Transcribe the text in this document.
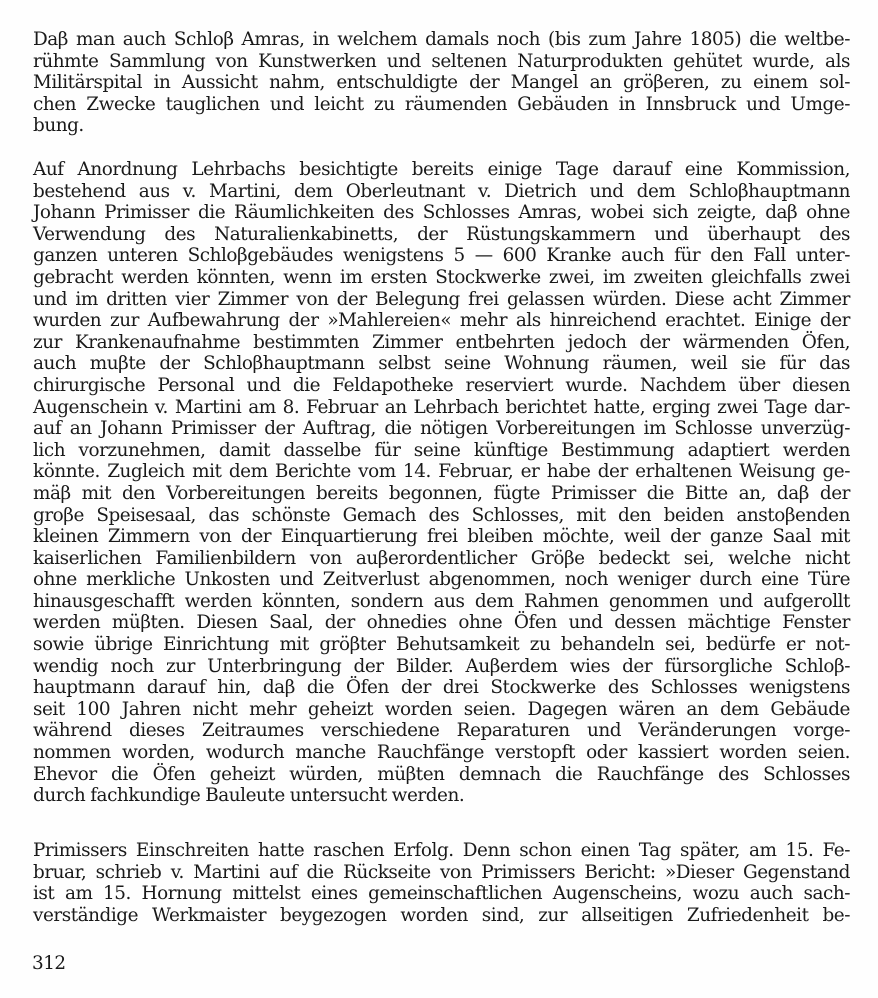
Daβ man auch Schloβ Amras, in welchem damals noch (bis zum Jahre 1805) die weltbe-
rühmte Sammlung von Kunstwerken und seltenen Naturprodukten gehütet wurde, als
Militärspital in Aussicht nahm, entschuldigte der Mangel an gröβeren, zu einem sol-
chen Zwecke tauglichen und leicht zu räumenden Gebäuden in Innsbruck und Umge-
bung.
Auf Anordnung Lehrbachs besichtigte bereits einige Tage darauf eine Kommission,
bestehend aus v. Martini, dem Oberleutnant v. Dietrich und dem Schloβhauptmann
Johann Primisser die Räumlichkeiten des Schlosses Amras, wobei sich zeigte, daβ ohne
Verwendung des Naturalienkabinetts, der Rüstungskammern und überhaupt des
ganzen unteren Schloβgebäudes wenigstens 5 — 600 Kranke auch für den Fall unter-
gebracht werden könnten, wenn im ersten Stockwerke zwei, im zweiten gleichfalls zwei
und im dritten vier Zimmer von der Belegung frei gelassen würden. Diese acht Zimmer
wurden zur Aufbewahrung der »Mahlereien« mehr als hinreichend erachtet. Einige der
zur Krankenaufnahme bestimmten Zimmer entbehrten jedoch der wärmenden Öfen,
auch muβte der Schloβhauptmann selbst seine Wohnung räumen, weil sie für das
chirurgische Personal und die Feldapotheke reserviert wurde. Nachdem über diesen
Augenschein v. Martini am 8. Februar an Lehrbach berichtet hatte, erging zwei Tage dar-
auf an Johann Primisser der Auftrag, die nötigen Vorbereitungen im Schlosse unverzüg-
lich vorzunehmen, damit dasselbe für seine künftige Bestimmung adaptiert werden
könnte. Zugleich mit dem Berichte vom 14. Februar, er habe der erhaltenen Weisung ge-
mäβ mit den Vorbereitungen bereits begonnen, fügte Primisser die Bitte an, daβ der
groβe Speisesaal, das schönste Gemach des Schlosses, mit den beiden anstoβenden
kleinen Zimmern von der Einquartierung frei bleiben möchte, weil der ganze Saal mit
kaiserlichen Familienbildern von auβerordentlicher Gröβe bedeckt sei, welche nicht
ohne merkliche Unkosten und Zeitverlust abgenommen, noch weniger durch eine Türe
hinausgeschafft werden könnten, sondern aus dem Rahmen genommen und aufgerollt
werden müβten. Diesen Saal, der ohnedies ohne Öfen und dessen mächtige Fenster
sowie übrige Einrichtung mit gröβter Behutsamkeit zu behandeln sei, bedürfe er not-
wendig noch zur Unterbringung der Bilder. Auβerdem wies der fürsorgliche Schloβ-
hauptmann darauf hin, daβ die Öfen der drei Stockwerke des Schlosses wenigstens
seit 100 Jahren nicht mehr geheizt worden seien. Dagegen wären an dem Gebäude
während dieses Zeitraumes verschiedene Reparaturen und Veränderungen vorge-
nommen worden, wodurch manche Rauchfänge verstopft oder kassiert worden seien.
Ehevor die Öfen geheizt würden, müβten demnach die Rauchfänge des Schlosses
durch fachkundige Bauleute untersucht werden.
Primissers Einschreiten hatte raschen Erfolg. Denn schon einen Tag später, am 15. Fe-
bruar, schrieb v. Martini auf die Rückseite von Primissers Bericht: »Dieser Gegenstand
ist am 15. Hornung mittelst eines gemeinschaftlichen Augenscheins, wozu auch sach-
verständige Werkmaister beygezogen worden sind, zur allseitigen Zufriedenheit be-
312
